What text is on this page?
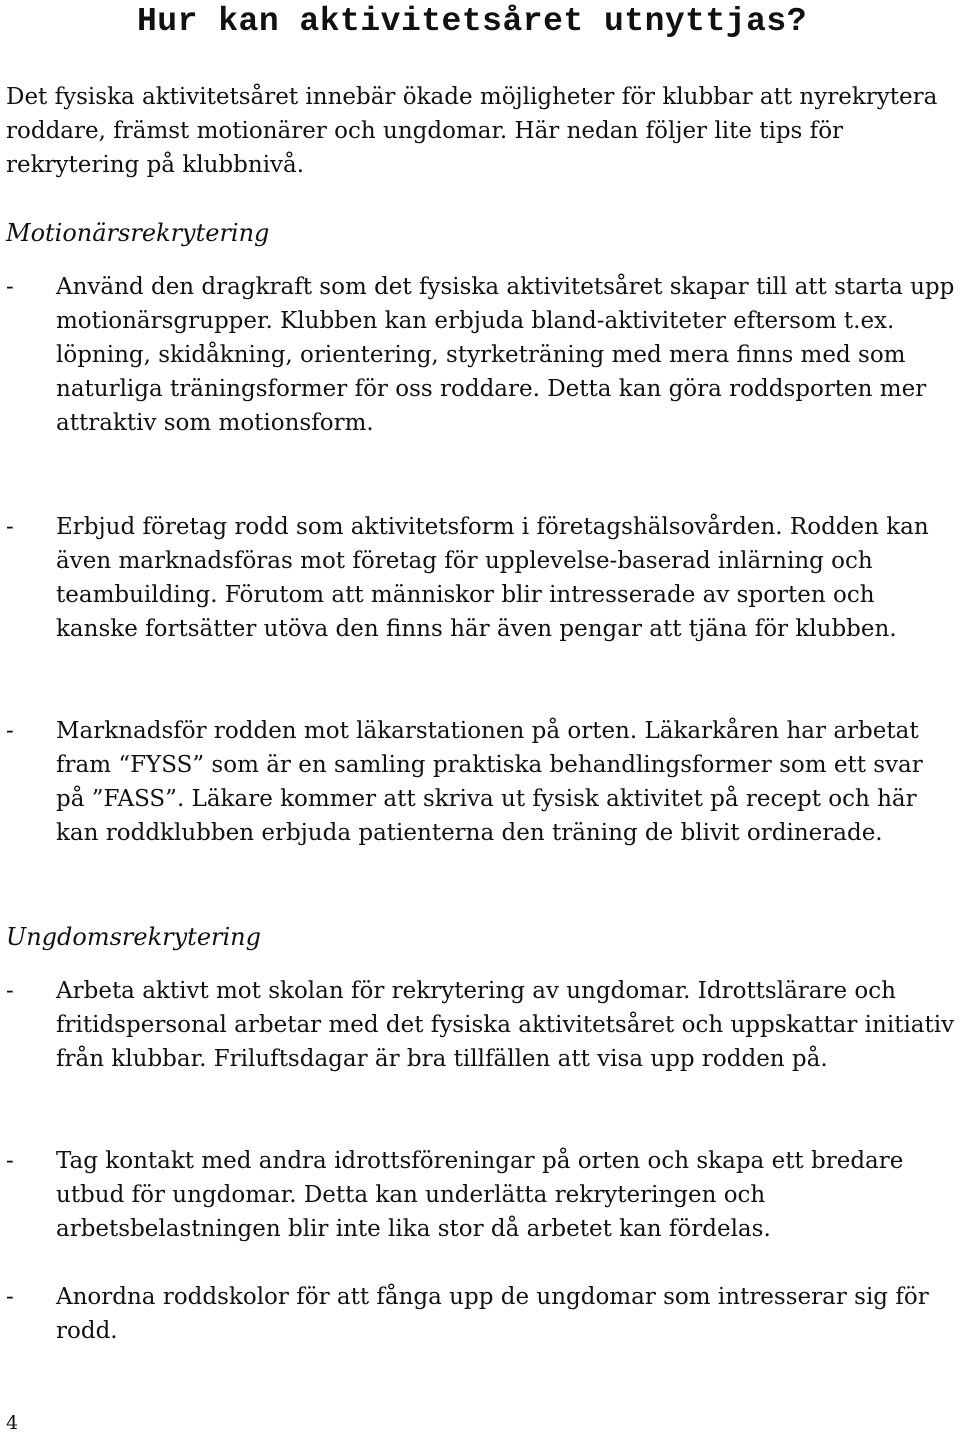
Hur kan aktivitetsåret utnyttjas?

Det fysiska aktivitetsåret innebär ökade möjligheter för klubbar att nyrekrytera roddare, främst motionärer och ungdomar. Här nedan följer lite tips för rekrytering på klubbnivå.

Motionärsrekrytering
- Använd den dragkraft som det fysiska aktivitetsåret skapar till att starta upp motionärsgrupper. Klubben kan erbjuda bland-aktiviteter eftersom t.ex. löpning, skidåkning, orientering, styrketräning med mera finns med som naturliga träningsformer för oss roddare. Detta kan göra roddsporten mer attraktiv som motionsform.
- Erbjud företag rodd som aktivitetsform i företagshälsovården. Rodden kan även marknadsföras mot företag för upplevelse-baserad inlärning och teambuilding. Förutom att människor blir intresserade av sporten och kanske fortsätter utöva den finns här även pengar att tjäna för klubben.
- Marknadsför rodden mot läkarstationen på orten. Läkarkåren har arbetat fram “FYSS” som är en samling praktiska behandlingsformer som ett svar på ”FASS”. Läkare kommer att skriva ut fysisk aktivitet på recept och här kan roddklubben erbjuda patienterna den träning de blivit ordinerade.
Ungdomsrekrytering
- Arbeta aktivt mot skolan för rekrytering av ungdomar. Idrottslärare och fritidspersonal arbetar med det fysiska aktivitetsåret och uppskattar initiativ från klubbar. Friluftsdagar är bra tillfällen att visa upp rodden på.
- Tag kontakt med andra idrottsföreningar på orten och skapa ett bredare utbud för ungdomar. Detta kan underlätta rekryteringen och arbetsbelastningen blir inte lika stor då arbetet kan fördelas.
- Anordna roddskolor för att fånga upp de ungdomar som intresserar sig för rodd.
4
